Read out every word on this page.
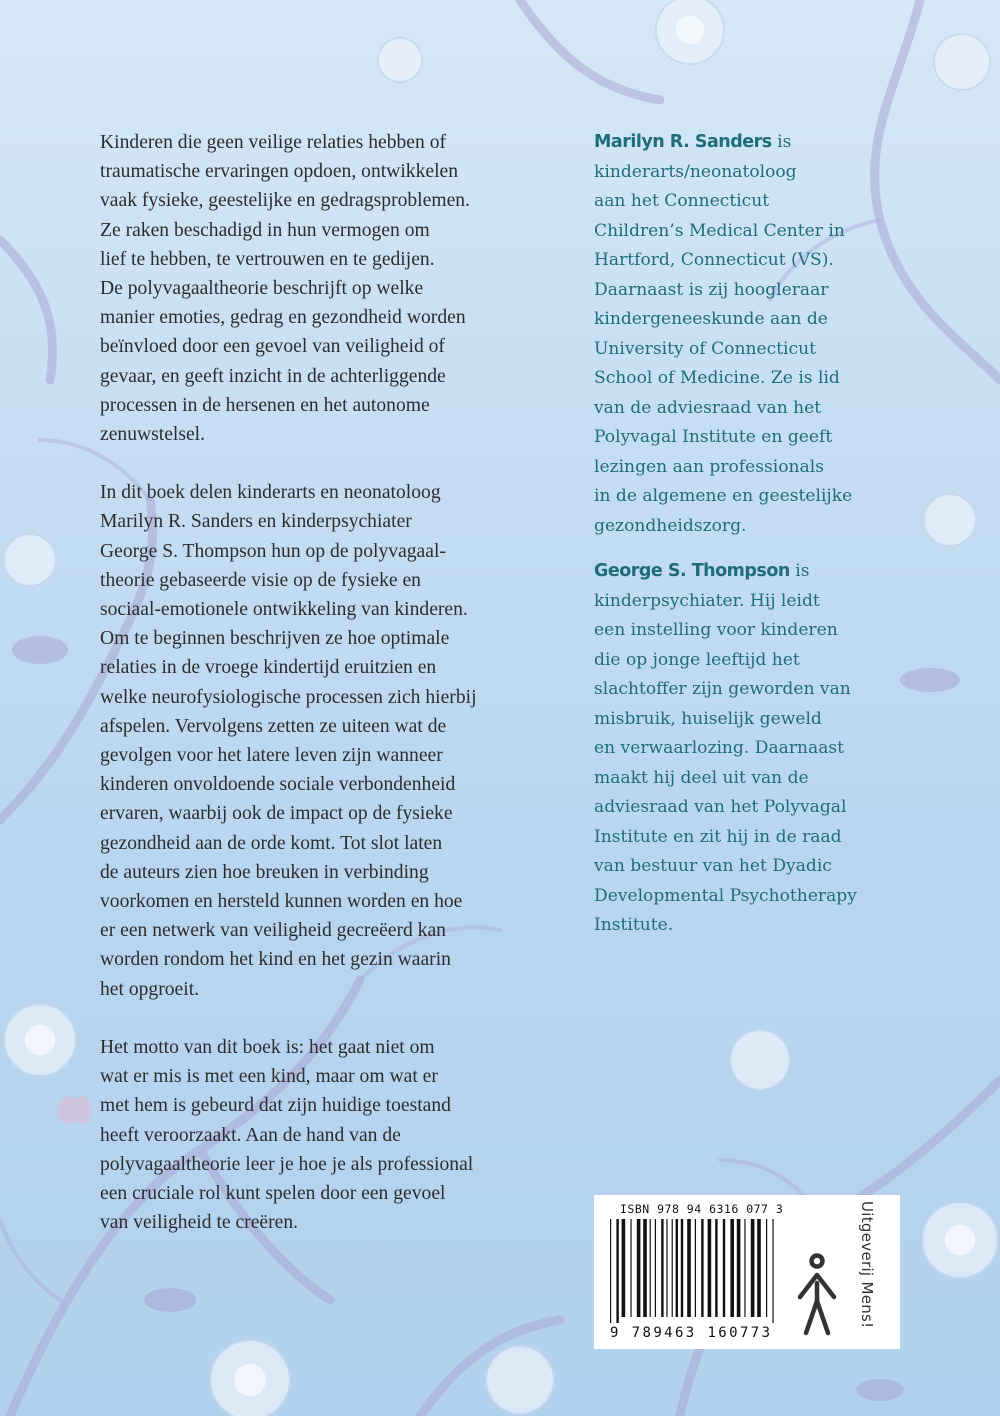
Kinderen die geen veilige relaties hebben of
traumatische ervaringen opdoen, ontwikkelen
vaak fysieke, geestelijke en gedragsproblemen.
Ze raken beschadigd in hun vermogen om
lief te hebben, te vertrouwen en te gedijen.
De polyvagaaltheorie beschrijft op welke
manier emoties, gedrag en gezondheid worden
beïnvloed door een gevoel van veiligheid of
gevaar, en geeft inzicht in de achterliggende
processen in de hersenen en het autonome
zenuwstelsel.

In dit boek delen kinderarts en neonatoloog
Marilyn R. Sanders en kinderpsychiater
George S. Thompson hun op de polyvagaal-
theorie gebaseerde visie op de fysieke en
sociaal-emotionele ontwikkeling van kinderen.
Om te beginnen beschrijven ze hoe optimale
relaties in de vroege kindertijd eruitzien en
welke neurofysiologische processen zich hierbij
afspelen. Vervolgens zetten ze uiteen wat de
gevolgen voor het latere leven zijn wanneer
kinderen onvoldoende sociale verbondenheid
ervaren, waarbij ook de impact op de fysieke
gezondheid aan de orde komt. Tot slot laten
de auteurs zien hoe breuken in verbinding
voorkomen en hersteld kunnen worden en hoe
er een netwerk van veiligheid gecreëerd kan
worden rondom het kind en het gezin waarin
het opgroeit.

Het motto van dit boek is: het gaat niet om
wat er mis is met een kind, maar om wat er
met hem is gebeurd dat zijn huidige toestand
heeft veroorzaakt. Aan de hand van de
polyvagaaltheorie leer je hoe je als professional
een cruciale rol kunt spelen door een gevoel
van veiligheid te creëren.

Marilyn R. Sanders is
kinderarts/neonatoloog
aan het Connecticut
Children’s Medical Center in
Hartford, Connecticut (VS).
Daarnaast is zij hoogleraar
kindergeneeskunde aan de
University of Connecticut
School of Medicine. Ze is lid
van de adviesraad van het
Polyvagal Institute en geeft
lezingen aan professionals
in de algemene en geestelijke
gezondheidszorg.

George S. Thompson is
kinderpsychiater. Hij leidt
een instelling voor kinderen
die op jonge leeftijd het
slachtoffer zijn geworden van
misbruik, huiselijk geweld
en verwaarlozing. Daarnaast
maakt hij deel uit van de
adviesraad van het Polyvagal
Institute en zit hij in de raad
van bestuur van het Dyadic
Developmental Psychotherapy
Institute.

ISBN 978 94 6316 077 3
9 789463 160773
Uitgeverij Mens!
